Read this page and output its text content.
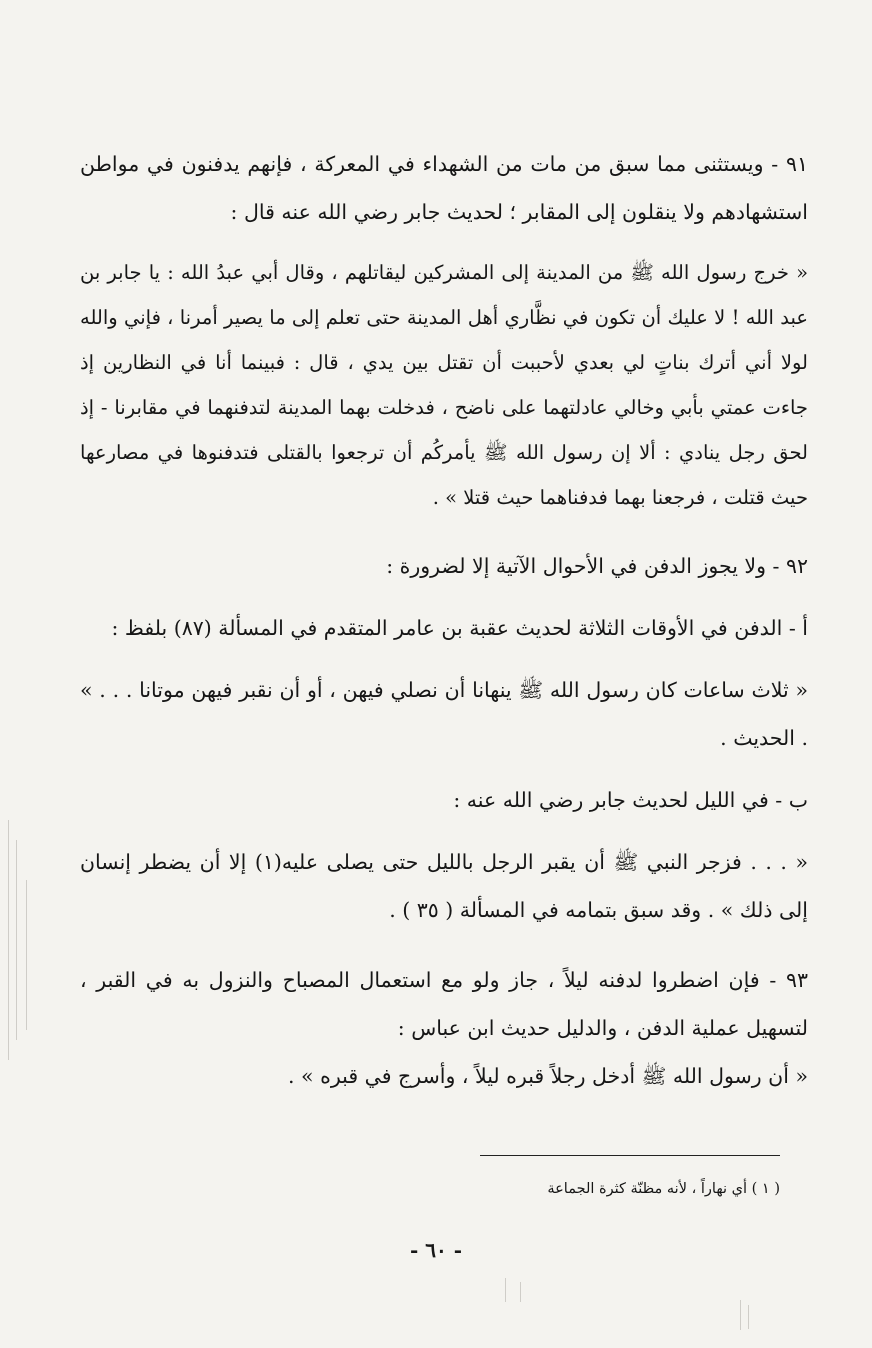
٩١ - ويستثنى مما سبق من مات من الشهداء في المعركة ، فإنهم يدفنون في مواطن استشهادهم ولا ينقلون إلى المقابر ؛ لحديث جابر رضي الله عنه قال :

« خرج رسول الله ﷺ من المدينة إلى المشركين ليقاتلهم ، وقال أبي عبدُ الله : يا جابر بن عبد الله ! لا عليك أن تكون في نظَّاري أهل المدينة حتى تعلم إلى ما يصير أمرنا ، فإني والله لولا أني أترك بناتٍ لي بعدي لأحببت أن تقتل بين يدي ، قال : فبينما أنا في النظارين إذ جاءت عمتي بأبي وخالي عادلتهما على ناضح ، فدخلت بهما المدينة لتدفنهما في مقابرنا - إذ لحق رجل ينادي : ألا إن رسول الله ﷺ يأمركُم أن ترجعوا بالقتلى فتدفنوها في مصارعها حيث قتلت ، فرجعنا بهما فدفناهما حيث قتلا » .

٩٢ - ولا يجوز الدفن في الأحوال الآتية إلا لضرورة :

أ - الدفن في الأوقات الثلاثة لحديث عقبة بن عامر المتقدم في المسألة (٨٧) بلفظ :

« ثلاث ساعات كان رسول الله ﷺ ينهانا أن نصلي فيهن ، أو أن نقبر فيهن موتانا . . . » . الحديث .

ب - في الليل لحديث جابر رضي الله عنه :

« . . . فزجر النبي ﷺ أن يقبر الرجل بالليل حتى يصلى عليه(١) إلا أن يضطر إنسان إلى ذلك » . وقد سبق بتمامه في المسألة ( ٣٥ ) .

٩٣ - فإن اضطروا لدفنه ليلاً ، جاز ولو مع استعمال المصباح والنزول به في القبر ، لتسهيل عملية الدفن ، والدليل حديث ابن عباس :

« أن رسول الله ﷺ أدخل رجلاً قبره ليلاً ، وأسرج في قبره » .

( ١ ) أي نهاراً ، لأنه مظنّة كثرة الجماعة
- ٦٠ -
